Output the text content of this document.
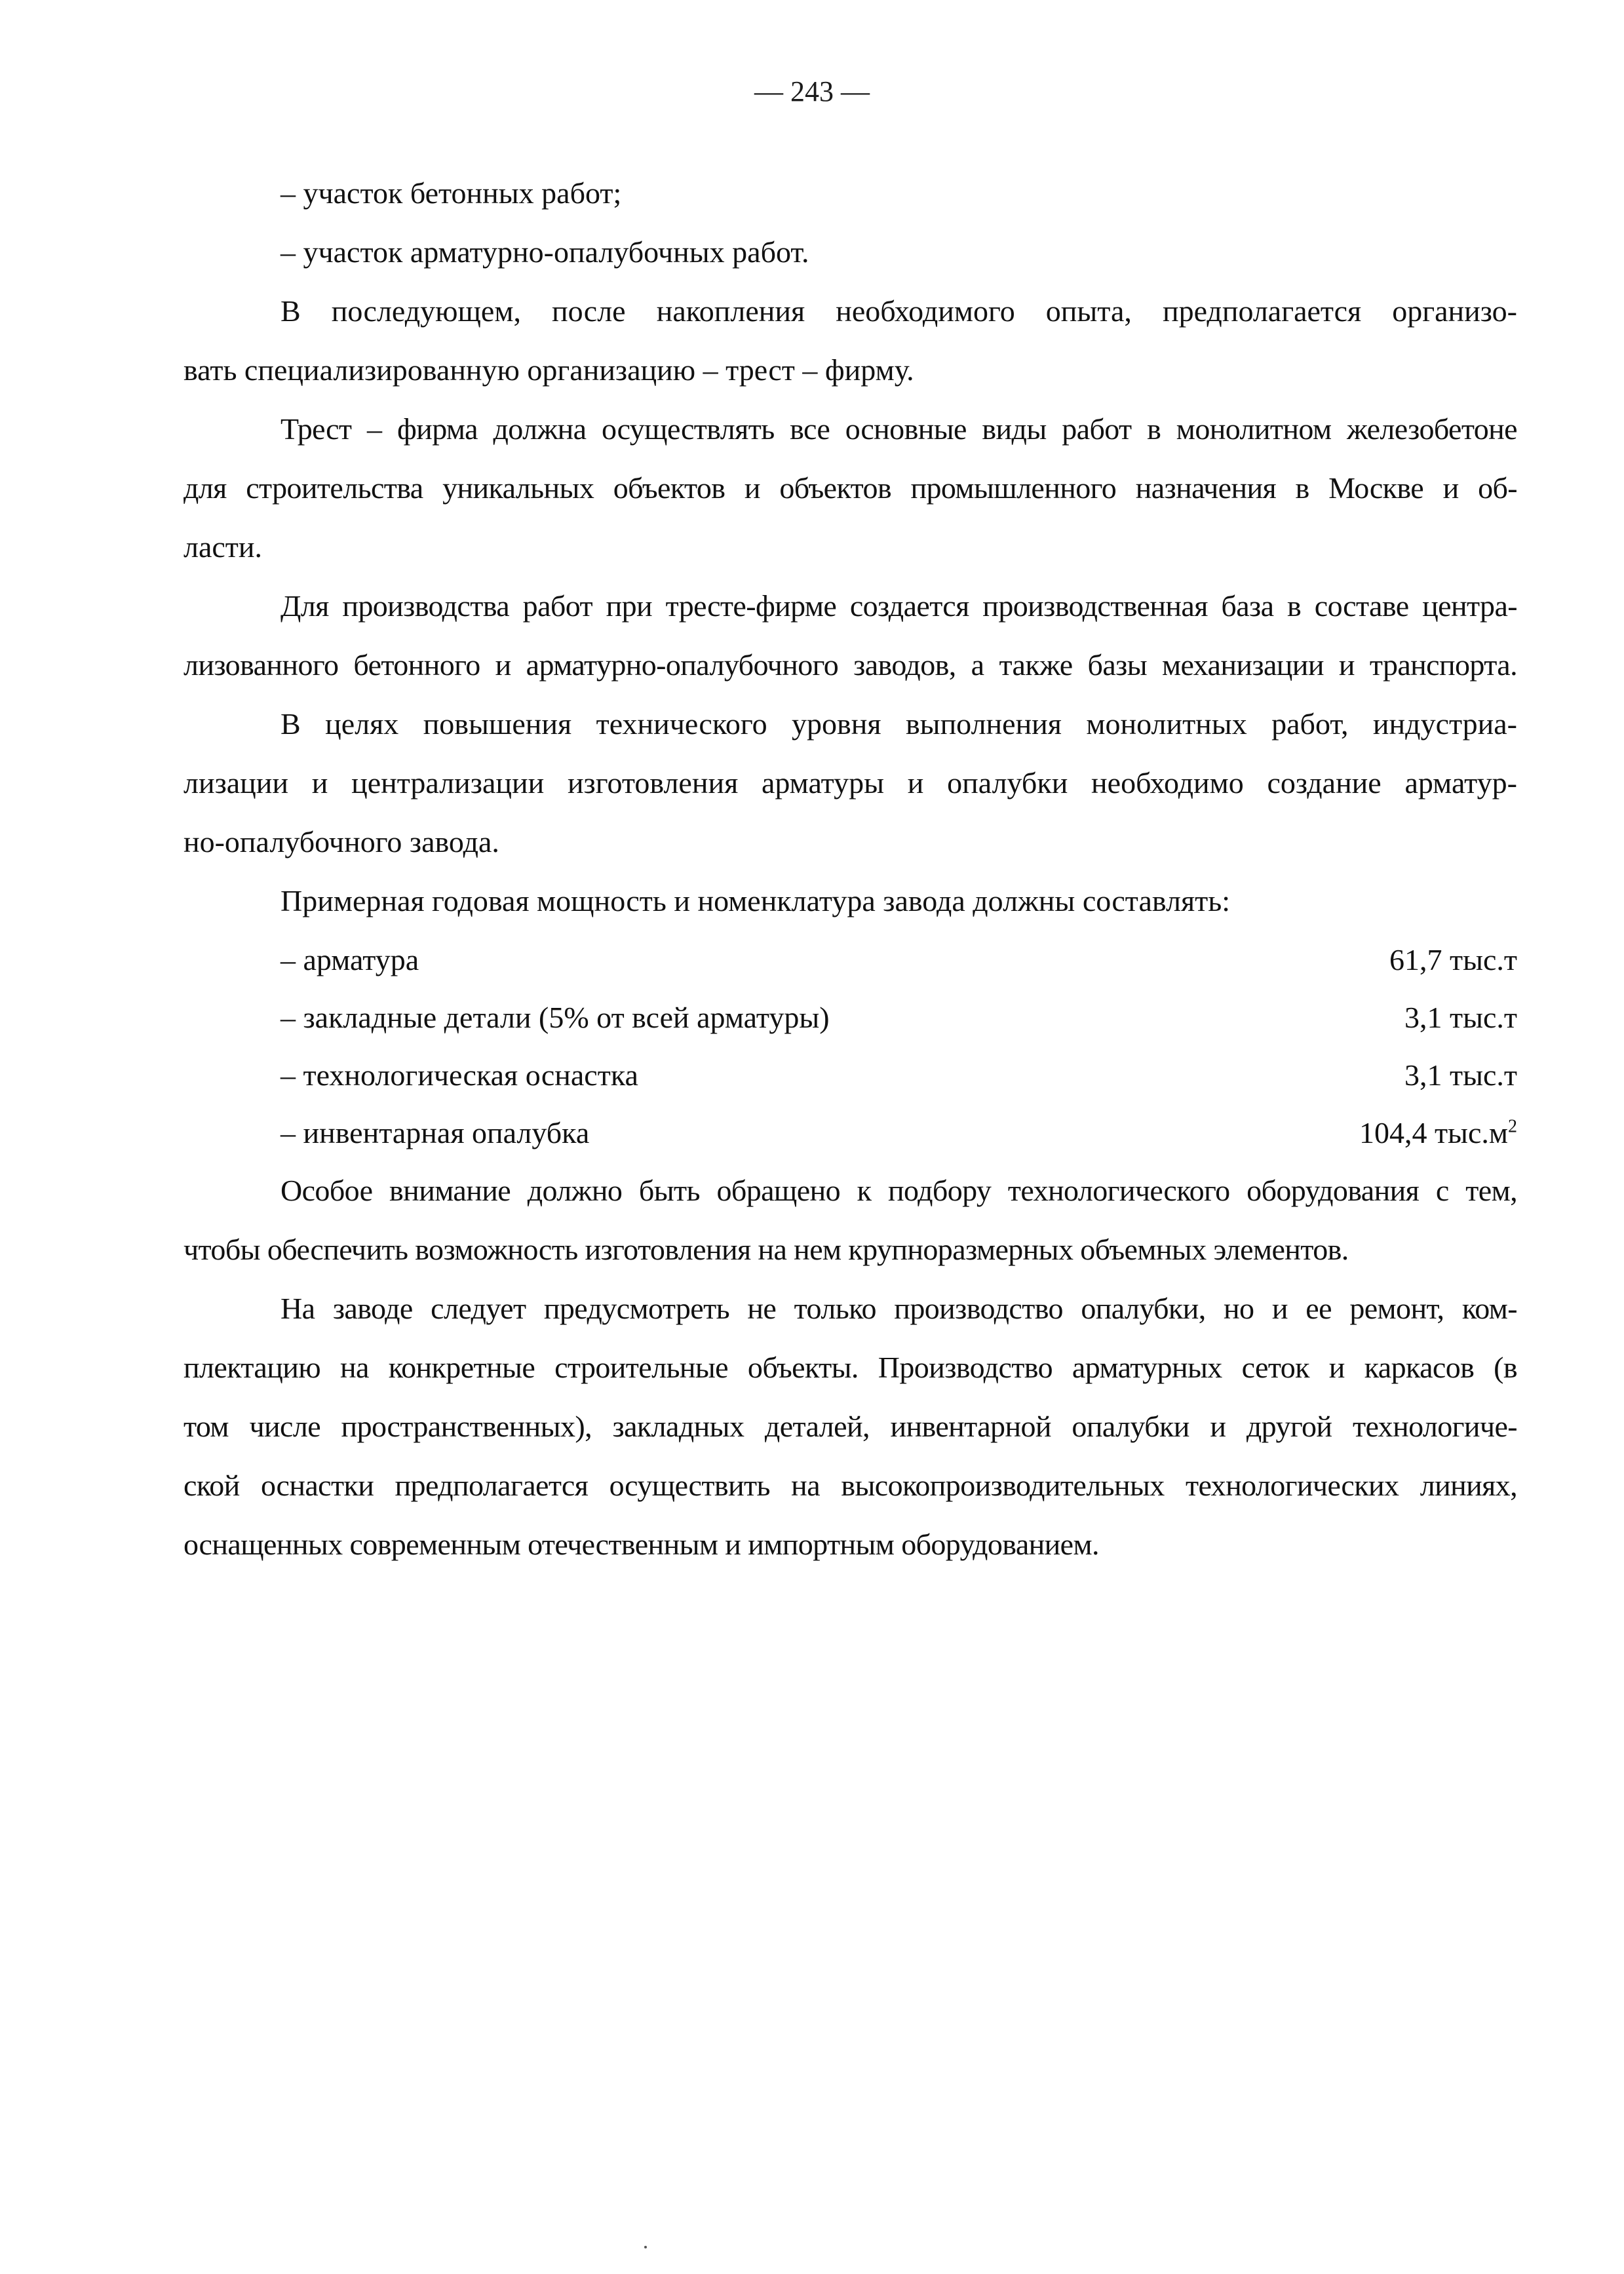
— 243 —
– участок бетонных работ;
– участок арматурно-опалубочных работ.
В последующем, после накопления необходимого опыта, предполагается организо-
вать специализированную организацию – трест – фирму.
Трест – фирма должна осуществлять все основные виды работ в монолитном железобетоне
для строительства уникальных объектов и объектов промышленного назначения в Москве и об-
ласти.
Для производства работ при тресте-фирме создается производственная база в составе центра-
лизованного бетонного и арматурно-опалубочного заводов, а также базы механизации и транспорта.
В целях повышения технического уровня выполнения монолитных работ, индустриа-
лизации и централизации изготовления арматуры и опалубки необходимо создание арматур-
но-опалубочного завода.
Примерная годовая мощность и номенклатура завода должны составлять:
– арматура	61,7 тыс.т
– закладные детали (5% от всей арматуры)	3,1 тыс.т
– технологическая оснастка	3,1 тыс.т
– инвентарная опалубка	104,4 $тыс.м^2$
Особое внимание должно быть обращено к подбору технологического оборудования с тем,
чтобы обеспечить возможность изготовления на нем крупноразмерных объемных элементов.
На заводе следует предусмотреть не только производство опалубки, но и ее ремонт, ком-
плектацию на конкретные строительные объекты. Производство арматурных сеток и каркасов (в
том числе пространственных), закладных деталей, инвентарной опалубки и другой технологиче-
ской оснастки предполагается осуществить на высокопроизводительных технологических линиях,
оснащенных современным отечественным и импортным оборудованием.
